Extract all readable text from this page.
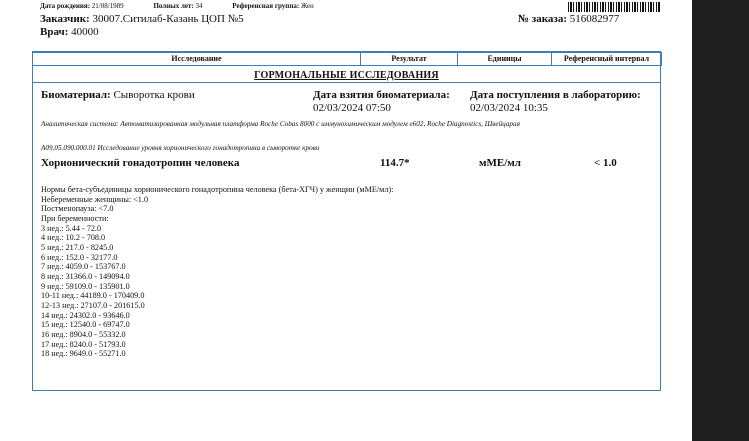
Дата рождения: 21/08/1989	Полных лет: 34	Референсная группа: Жен
Заказчик: 30007.Ситилаб-Казань ЦОП №5
Врач: 40000
№ заказа: 516082977
Исследование	Результат	Единицы	Референсный интервал
ГОРМОНАЛЬНЫЕ ИССЛЕДОВАНИЯ
Биоматериал: Сыворотка крови	Дата взятия биоматериала:
02/03/2024 07:50
Дата поступления в лабораторию:
02/03/2024 10:35
Аналитическая система: Автоматизированная модульная платформа Roche Cobas 8000 с иммунохимическим модулем e602, Roche Diagnostics, Швейцария
A09.05.090.000.01 Исследование уровня хорионического гонадотропина в сыворотке крови
Хорионический гонадотропин человека	114.7*	мМЕ/мл	< 1.0
Нормы бета-субъединицы хорионического гонадотропина человека (бета-ХГЧ) у женщин (мМЕ/мл):
Небеременные женщины: <1.0
Постменопауза: <7.0
При беременности:
3 нед.: 5.44 - 72.0
4 нед.: 10.2 - 708.0
5 нед.: 217.0 - 8245.0
6 нед.: 152.0 - 32177.0
7 нед.: 4059.0 - 153767.0
8 нед.: 31366.0 - 149094.0
9 нед.: 59109.0 - 135901.0
10-11 нед.: 44189.0 - 170409.0
12-13 нед.: 27107.0 - 201615.0
14 нед.: 24302.0 - 93646.0
15 нед.: 12540.0 - 69747.0
16 нед.: 8904.0 - 55332.0
17 нед.: 8240.0 - 51793.0
18 нед.: 9649.0 - 55271.0
